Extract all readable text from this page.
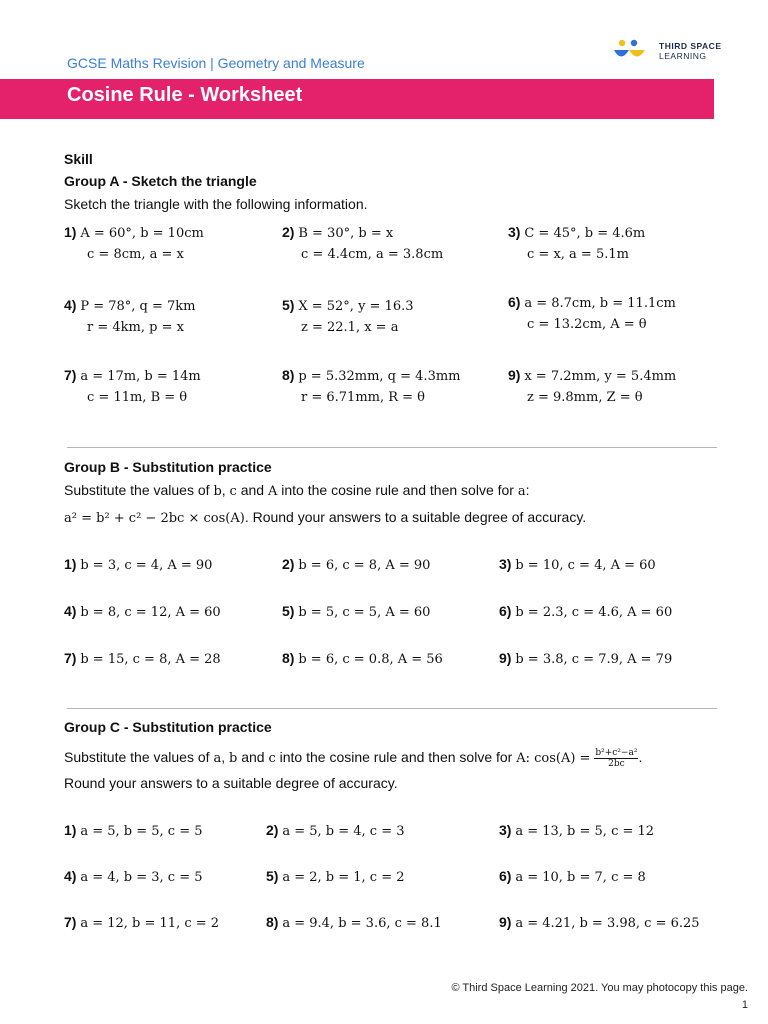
GCSE Maths Revision | Geometry and Measure
THIRD SPACE
LEARNING
Cosine Rule - Worksheet
Skill
Group A - Sketch the triangle
Sketch the triangle with the following information.
1) A = 60°, b = 10cm
c = 8cm, a = x
2) B = 30°, b = x
c = 4.4cm, a = 3.8cm
3) C = 45°, b = 4.6m
c = x, a = 5.1m
4) P = 78°, q = 7km
r = 4km, p = x
5) X = 52°, y = 16.3
z = 22.1, x = a
6) a = 8.7cm, b = 11.1cm
c = 13.2cm, A = θ
7) a = 17m, b = 14m
c = 11m, B = θ
8) p = 5.32mm, q = 4.3mm
r = 6.71mm, R = θ
9) x = 7.2mm, y = 5.4mm
z = 9.8mm, Z = θ
Group B - Substitution practice
Substitute the values of b, c and A into the cosine rule and then solve for a:
a² = b² + c² − 2bc × cos(A). Round your answers to a suitable degree of accuracy.
1) b = 3, c = 4, A = 90	2) b = 6, c = 8, A = 90	3) b = 10, c = 4, A = 60
4) b = 8, c = 12, A = 60	5) b = 5, c = 5, A = 60	6) b = 2.3, c = 4.6, A = 60
7) b = 15, c = 8, A = 28	8) b = 6, c = 0.8, A = 56	9) b = 3.8, c = 7.9, A = 79
Group C - Substitution practice
Substitute the values of a, b and c into the cosine rule and then solve for A: $\cos(A) = \frac{\text{b²+c²−a²}}{2bc}$ .
Round your answers to a suitable degree of accuracy.
1) a = 5, b = 5, c = 5	2) a = 5, b = 4, c = 3	3) a = 13, b = 5, c = 12
4) a = 4, b = 3, c = 5	5) a = 2, b = 1, c = 2	6) a = 10, b = 7, c = 8
7) a = 12, b = 11, c = 2	8) a = 9.4, b = 3.6, c = 8.1	9) a = 4.21, b = 3.98, c = 6.25
© Third Space Learning 2021. You may photocopy this page.
1
